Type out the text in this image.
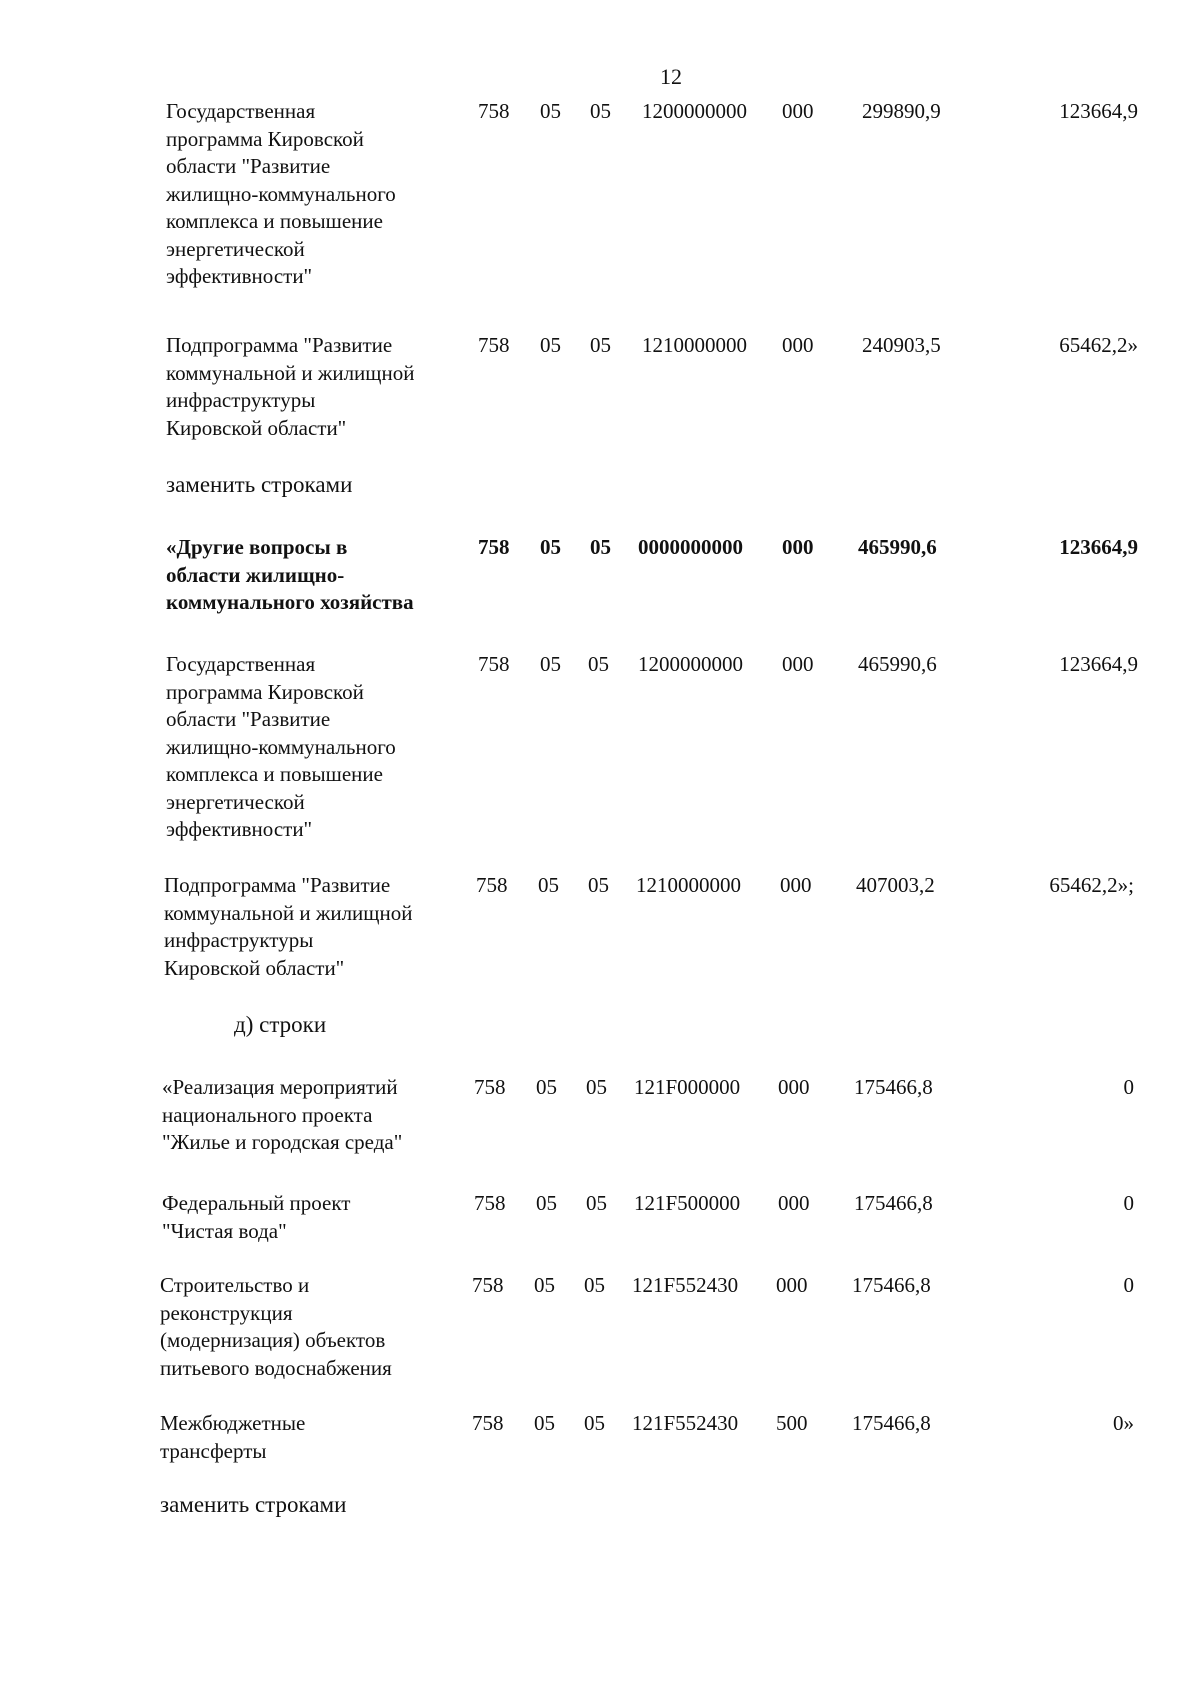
12
Государственная
программа Кировской
области "Развитие
жилищно-коммунального
комплекса и повышение
энергетической
эффективности"
758 05 05 1200000000 000 299890,9	123664,9
Подпрограмма "Развитие
коммунальной и жилищной
инфраструктуры
Кировской области"
758 05 05 1210000000 000 240903,5	65462,2»
заменить строками
«Другие вопросы в
области жилищно-
коммунального хозяйства
758 05 05 0000000000 000 465990,6	123664,9
Государственная
программа Кировской
области "Развитие
жилищно-коммунального
комплекса и повышение
энергетической
эффективности"
758 05 05 1200000000 000 465990,6	123664,9
Подпрограмма "Развитие
коммунальной и жилищной
инфраструктуры
Кировской области"
758 05 05 1210000000 000 407003,2	65462,2»;
д) строки
«Реализация мероприятий
национального проекта
"Жилье и городская среда"
758 05 05 121F000000 000 175466,8	0
Федеральный проект
"Чистая вода"
758 05 05 121F500000 000 175466,8	0
Строительство и
реконструкция
(модернизация) объектов
питьевого водоснабжения
758 05 05 121F552430 000 175466,8	0
Межбюджетные
трансферты
758 05 05 121F552430 500 175466,8	0»
заменить строками
